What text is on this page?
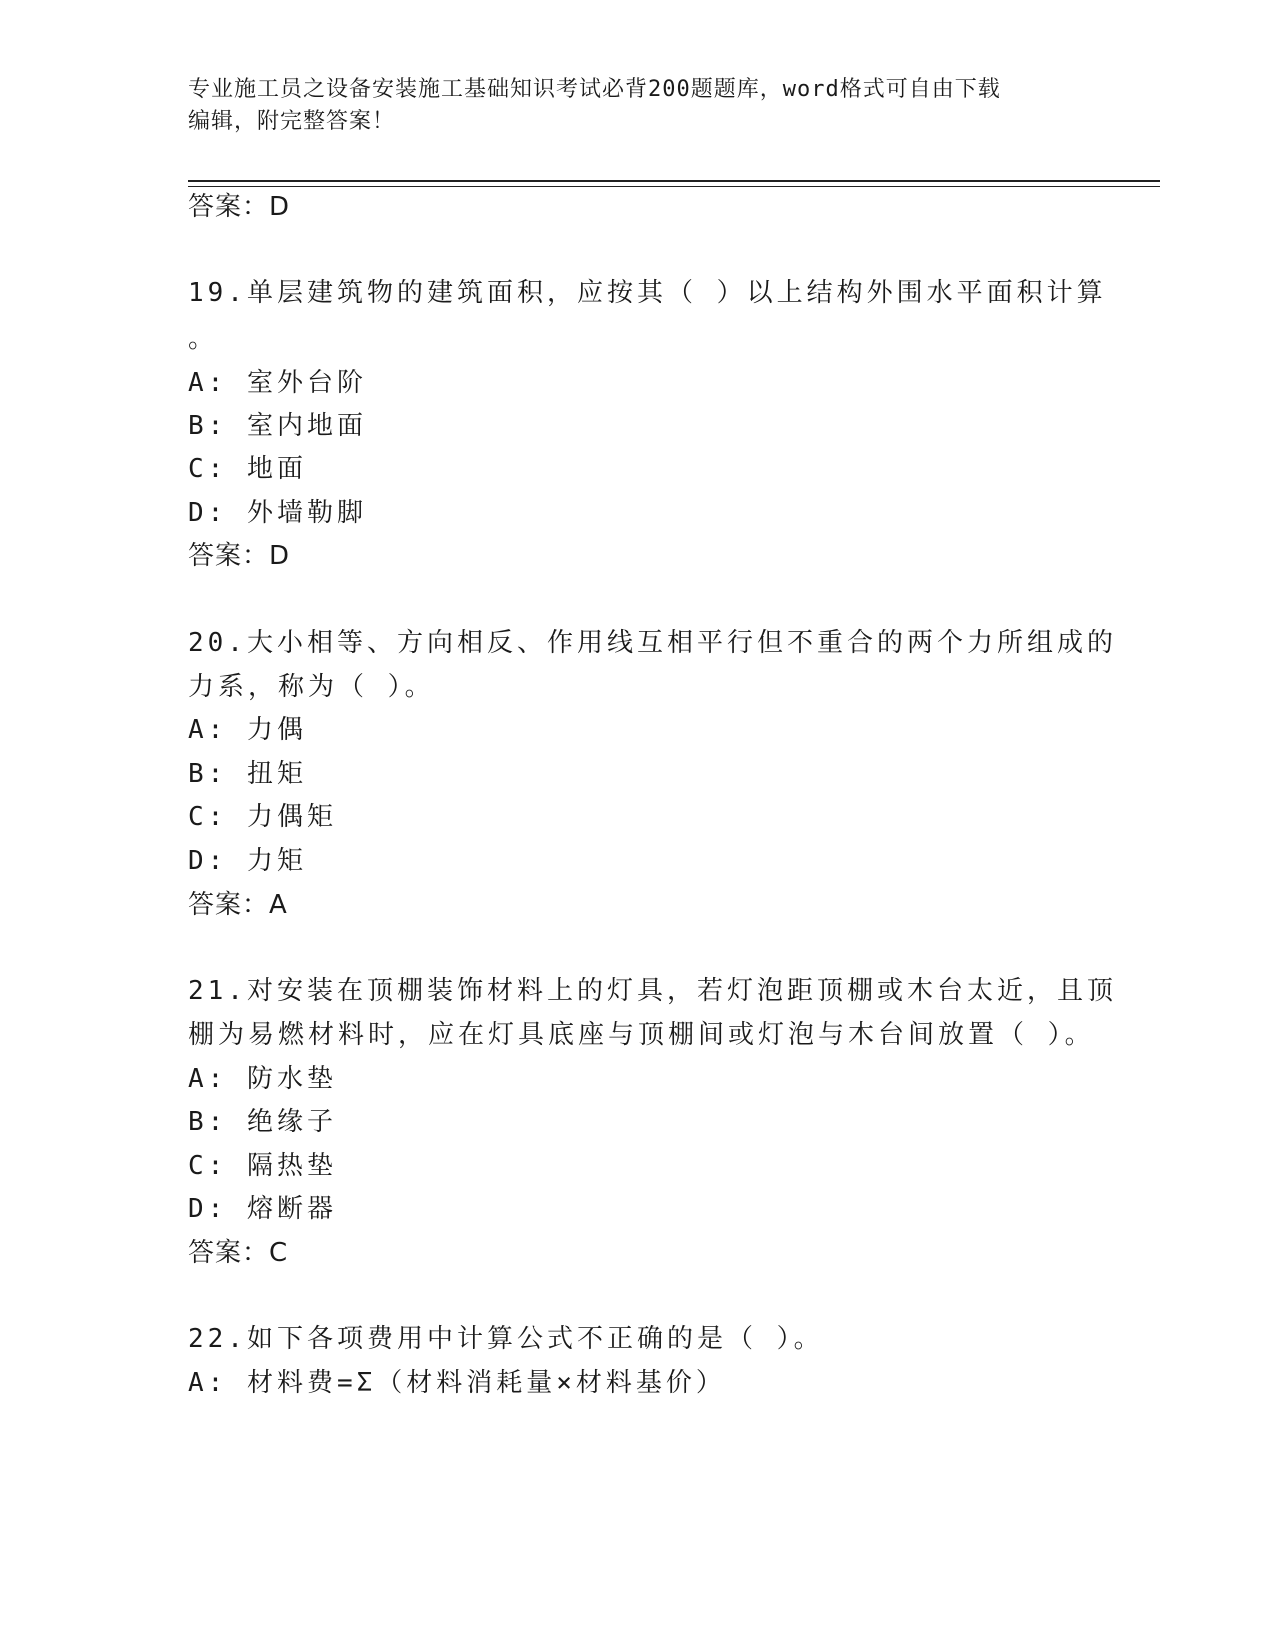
专业施工员之设备安装施工基础知识考试必背200题题库，word格式可自由下载
编辑，附完整答案！
答案：D
19.单层建筑物的建筑面积，应按其（ ）以上结构外围水平面积计算
。
A: 室外台阶
B: 室内地面
C: 地面
D: 外墙勒脚
答案：D
20.大小相等、方向相反、作用线互相平行但不重合的两个力所组成的
力系，称为（ ）。
A: 力偶
B: 扭矩
C: 力偶矩
D: 力矩
答案：A
21.对安装在顶棚装饰材料上的灯具，若灯泡距顶棚或木台太近，且顶
棚为易燃材料时，应在灯具底座与顶棚间或灯泡与木台间放置（ ）。
A: 防水垫
B: 绝缘子
C: 隔热垫
D: 熔断器
答案：C
22.如下各项费用中计算公式不正确的是（ ）。
A: 材料费=Σ（材料消耗量×材料基价）
